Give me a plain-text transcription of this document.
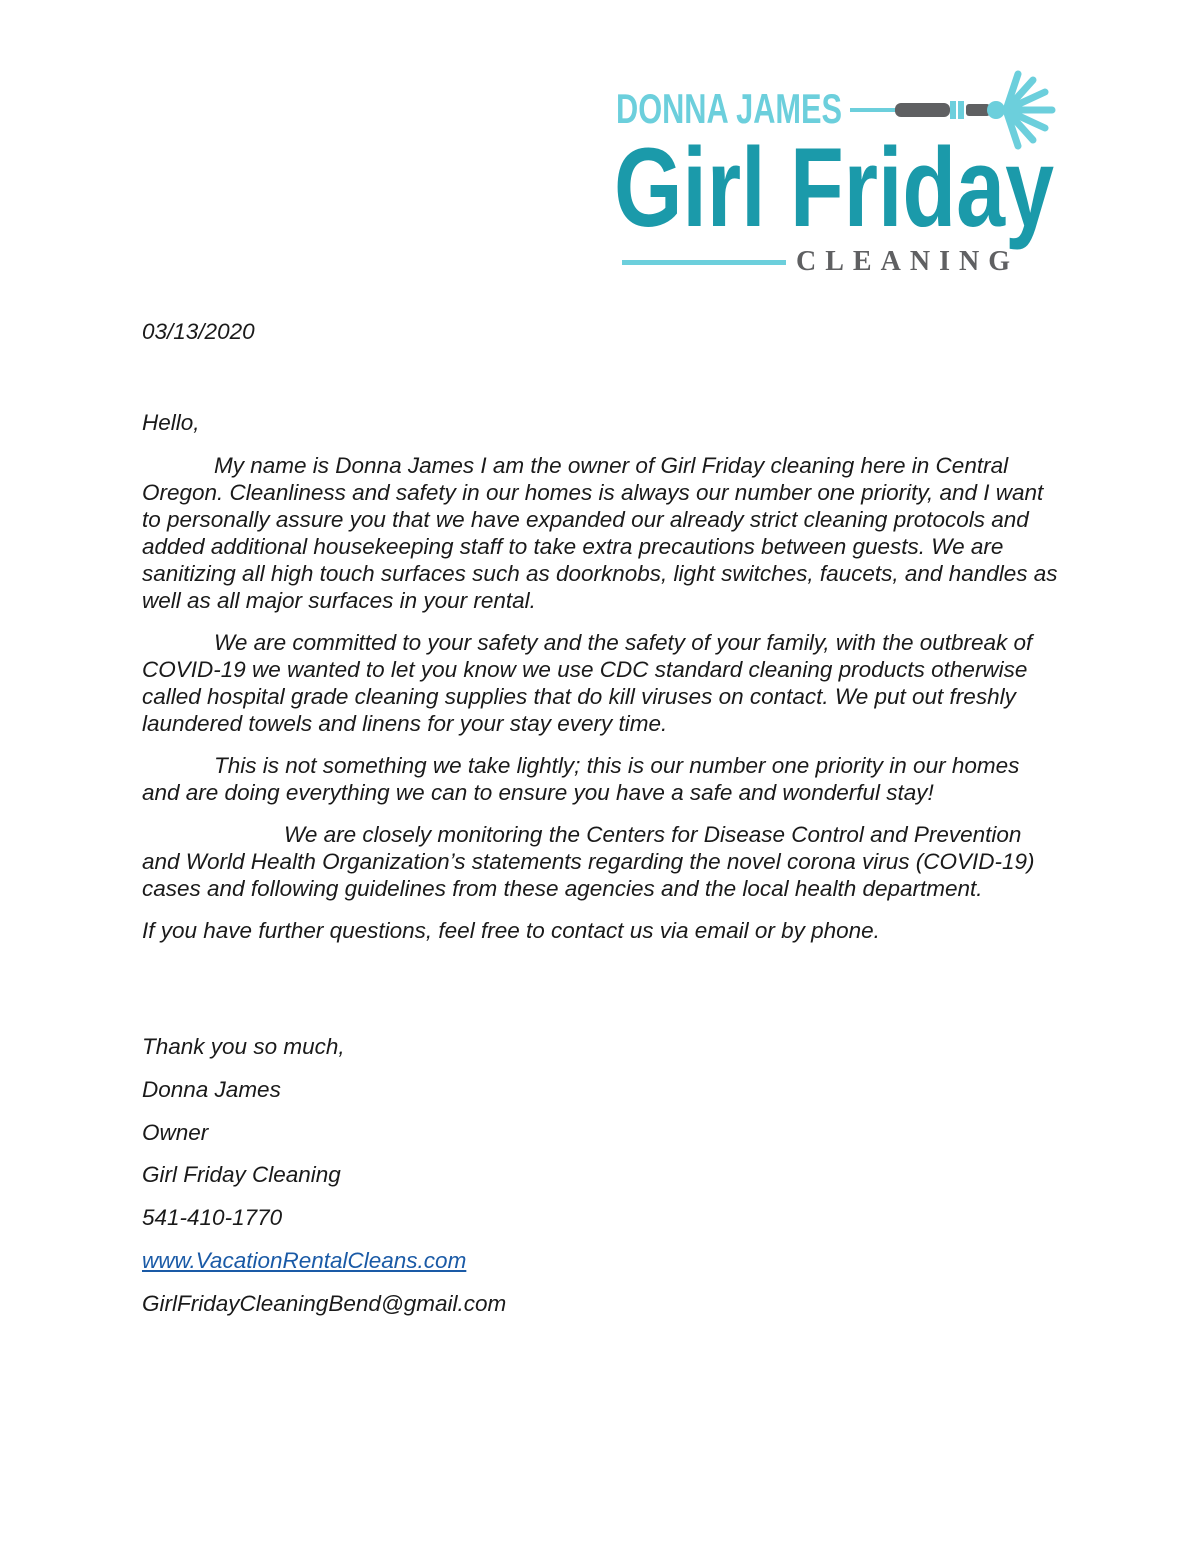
DONNA JAMES
Girl Friday
CLEANING
03/13/2020
Hello,

My name is Donna James I am the owner of Girl Friday cleaning here in Central Oregon. Cleanliness and safety in our homes is always our number one priority, and I want to personally assure you that we have expanded our already strict cleaning protocols and added additional housekeeping staff to take extra precautions between guests. We are sanitizing all high touch surfaces such as doorknobs, light switches, faucets, and handles as well as all major surfaces in your rental.

We are committed to your safety and the safety of your family, with the outbreak of COVID-19 we wanted to let you know we use CDC standard cleaning products otherwise called hospital grade cleaning supplies that do kill viruses on contact. We put out freshly laundered towels and linens for your stay every time.

This is not something we take lightly; this is our number one priority in our homes and are doing everything we can to ensure you have a safe and wonderful stay!

We are closely monitoring the Centers for Disease Control and Prevention and World Health Organization’s statements regarding the novel corona virus (COVID-19) cases and following guidelines from these agencies and the local health department.

If you have further questions, feel free to contact us via email or by phone.

Thank you so much,
Donna James
Owner
Girl Friday Cleaning
541-410-1770
www.VacationRentalCleans.com
GirlFridayCleaningBend@gmail.com
